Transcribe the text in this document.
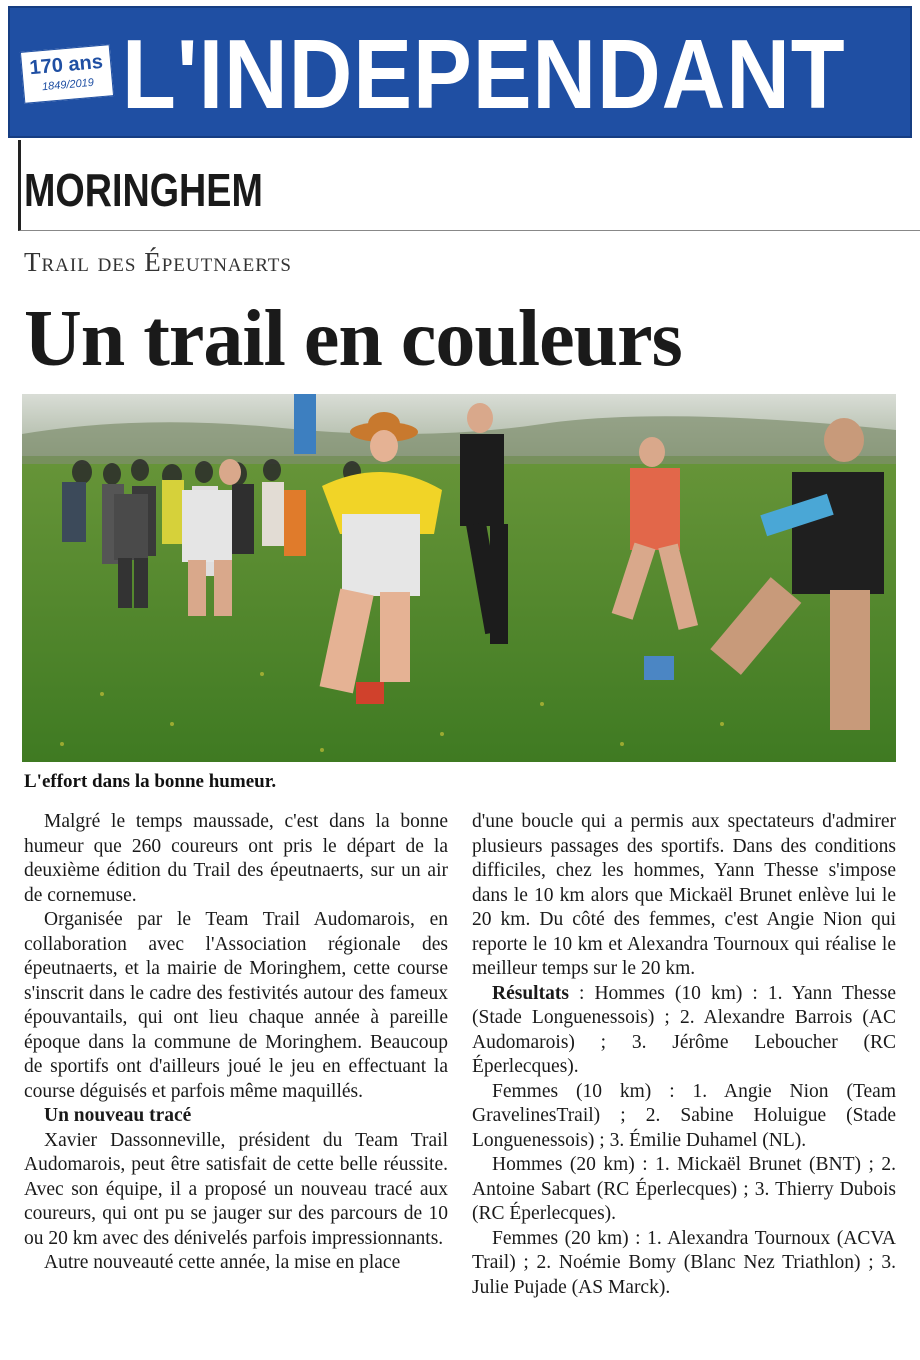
170 ans
1849/2019 L'INDEPENDANT
MORINGHEM
Trail des Épeutnaerts
Un trail en couleurs
L'effort dans la bonne humeur.

Malgré le temps maussade, c'est dans la bonne humeur que 260 coureurs ont pris le départ de la deuxième édition du Trail des épeutnaerts, sur un air de cornemuse.

Organisée par le Team Trail Audomarois, en collaboration avec l'Association régionale des épeutnaerts, et la mairie de Moringhem, cette course s'inscrit dans le cadre des festivités autour des fameux épouvantails, qui ont lieu chaque année à pareille époque dans la commune de Moringhem. Beaucoup de sportifs ont d'ailleurs joué le jeu en effectuant la course déguisés et parfois même maquillés.

Un nouveau tracé

Xavier Dassonneville, président du Team Trail Audomarois, peut être satisfait de cette belle réussite. Avec son équipe, il a proposé un nouveau tracé aux coureurs, qui ont pu se jauger sur des parcours de 10 ou 20 km avec des dénivelés parfois impressionnants.

Autre nouveauté cette année, la mise en place

d'une boucle qui a permis aux spectateurs d'admirer plusieurs passages des sportifs. Dans des conditions difficiles, chez les hommes, Yann Thesse s'impose dans le 10 km alors que Mickaël Brunet enlève lui le 20 km. Du côté des femmes, c'est Angie Nion qui reporte le 10 km et Alexandra Tournoux qui réalise le meilleur temps sur le 20 km.

Résultats : Hommes (10 km) : 1. Yann Thesse (Stade Longuenessois) ; 2. Alexandre Barrois (AC Audomarois) ; 3. Jérôme Leboucher (RC Éperlecques).

Femmes (10 km) : 1. Angie Nion (Team GravelinesTrail) ; 2. Sabine Holuigue (Stade Longuenessois) ; 3. Émilie Duhamel (NL).

Hommes (20 km) : 1. Mickaël Brunet (BNT) ; 2. Antoine Sabart (RC Éperlecques) ; 3. Thierry Dubois (RC Éperlecques).

Femmes (20 km) : 1. Alexandra Tournoux (ACVA Trail) ; 2. Noémie Bomy (Blanc Nez Triathlon) ; 3. Julie Pujade (AS Marck).
